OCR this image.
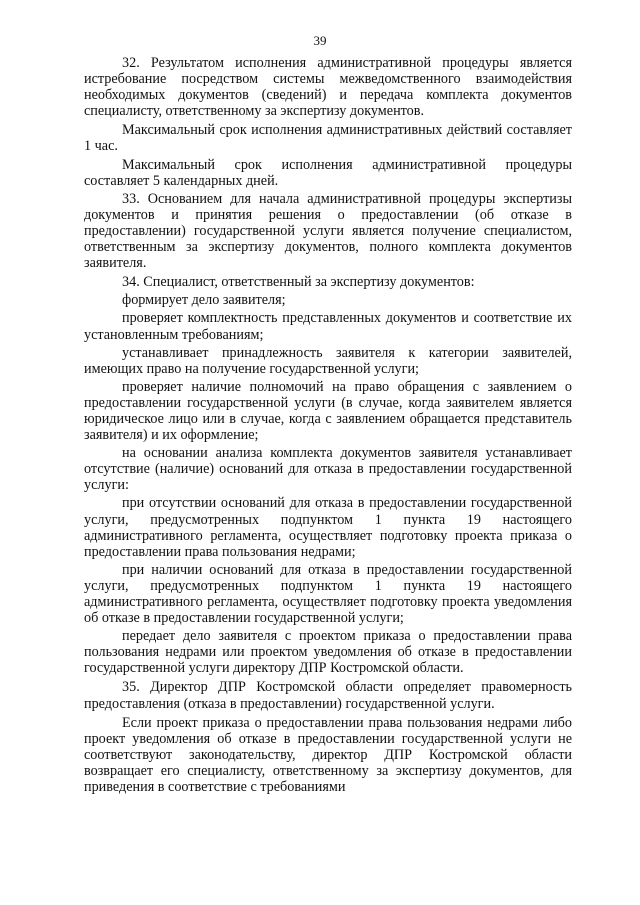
39

32. Результатом исполнения административной процедуры является истребование посредством системы межведомственного взаимодействия необходимых документов (сведений) и передача комплекта документов специалисту, ответственному за экспертизу документов.

Максимальный срок исполнения административных действий составляет 1 час.

Максимальный срок исполнения административной процедуры составляет 5 календарных дней.

33. Основанием для начала административной процедуры экспертизы документов и принятия решения о предоставлении (об отказе в предоставлении) государственной услуги является получение специалистом, ответственным за экспертизу документов, полного комплекта документов заявителя.

34. Специалист, ответственный за экспертизу документов:

формирует дело заявителя;

проверяет комплектность представленных документов и соответствие их установленным требованиям;

устанавливает принадлежность заявителя к категории заявителей, имеющих право на получение государственной услуги;

проверяет наличие полномочий на право обращения с заявлением о предоставлении государственной услуги (в случае, когда заявителем является юридическое лицо или в случае, когда с заявлением обращается представитель заявителя) и их оформление;

на основании анализа комплекта документов заявителя устанавливает отсутствие (наличие) оснований для отказа в предоставлении государственной услуги:

при отсутствии оснований для отказа в предоставлении государственной услуги, предусмотренных подпунктом 1 пункта 19 настоящего административного регламента, осуществляет подготовку проекта приказа о предоставлении права пользования недрами;

при наличии оснований для отказа в предоставлении государственной услуги, предусмотренных подпунктом 1 пункта 19 настоящего административного регламента, осуществляет подготовку проекта уведомления об отказе в предоставлении государственной услуги;

передает дело заявителя с проектом приказа о предоставлении права пользования недрами или проектом уведомления об отказе в предоставлении государственной услуги директору ДПР Костромской области.

35. Директор ДПР Костромской области определяет правомерность предоставления (отказа в предоставлении) государственной услуги.

Если проект приказа о предоставлении права пользования недрами либо проект уведомления об отказе в предоставлении государственной услуги не соответствуют законодательству, директор ДПР Костромской области возвращает его специалисту, ответственному за экспертизу документов, для приведения в соответствие с требованиями
